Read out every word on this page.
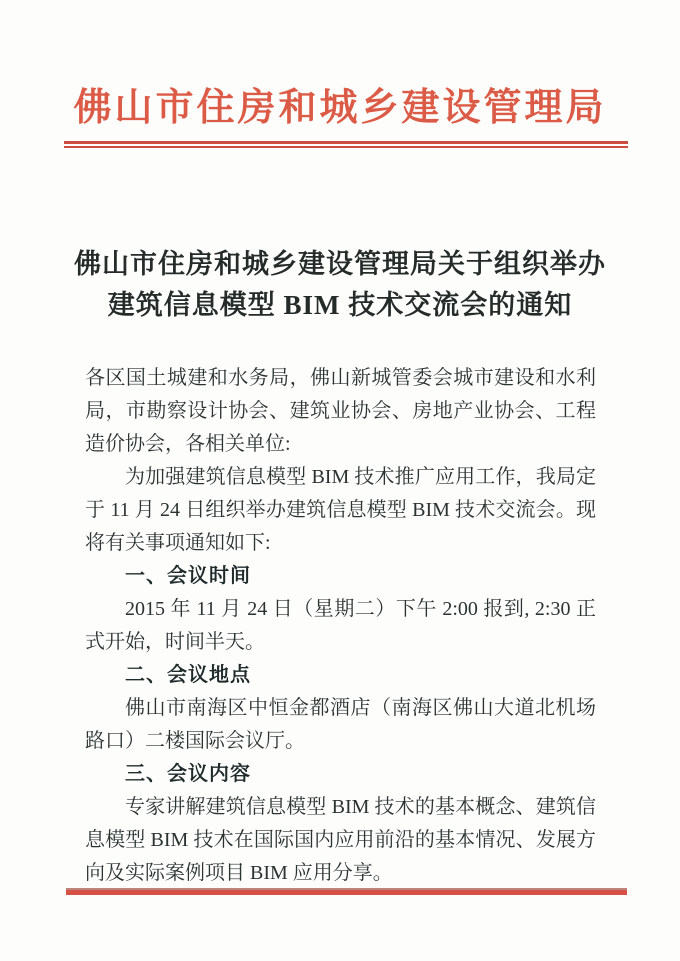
佛山市住房和城乡建设管理局
佛山市住房和城乡建设管理局关于组织举办
建筑信息模型 BIM 技术交流会的通知

各区国土城建和水务局，佛山新城管委会城市建设和水利局，市勘察设计协会、建筑业协会、房地产业协会、工程造价协会，各相关单位:

为加强建筑信息模型 BIM 技术推广应用工作，我局定于 11 月 24 日组织举办建筑信息模型 BIM 技术交流会。现将有关事项通知如下:

一、会议时间

2015 年 11 月 24 日（星期二）下午 2:00 报到, 2:30 正式开始，时间半天。

二、会议地点

佛山市南海区中恒金都酒店（南海区佛山大道北机场路口）二楼国际会议厅。

三、会议内容

专家讲解建筑信息模型 BIM 技术的基本概念、建筑信息模型 BIM 技术在国际国内应用前沿的基本情况、发展方向及实际案例项目 BIM 应用分享。
